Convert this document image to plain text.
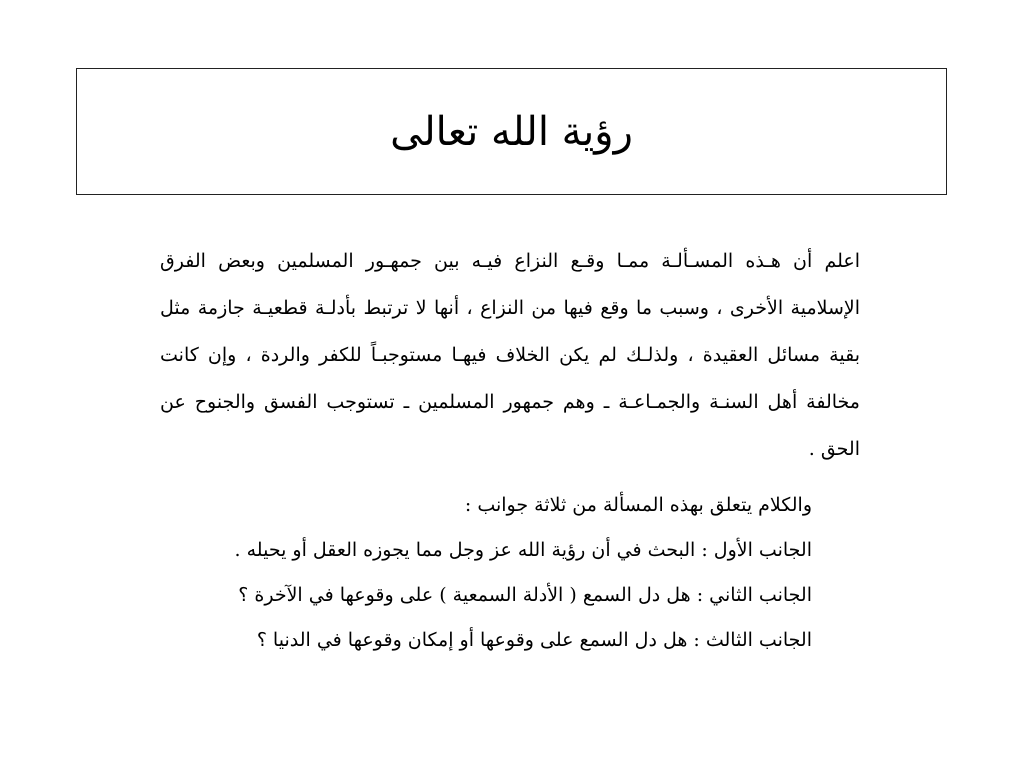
رؤية الله تعالى

اعلم أن هـذه المسـألـة ممـا وقـع النزاع فيـه بين جمهـور المسلمين وبعض الفرق الإسلامية الأخرى ، وسبب ما وقع فيها من النزاع ، أنها لا ترتبط بأدلـة قطعيـة جازمة مثل بقية مسائل العقيدة ، ولذلـك لم يكن الخلاف فيهـا مستوجبـاً للكفر والردة ، وإن كانت مخالفة أهل السنـة والجمـاعـة ـ وهم جمهور المسلمين ـ تستوجب الفسق والجنوح عن الحق .

والكلام يتعلق بهذه المسألة من ثلاثة جوانب :
الجانب الأول : البحث في أن رؤية الله عز وجل مما يجوزه العقل أو يحيله .
الجانب الثاني : هل دل السمع ( الأدلة السمعية ) على وقوعها في الآخرة ؟
الجانب الثالث : هل دل السمع على وقوعها أو إمكان وقوعها في الدنيا ؟
